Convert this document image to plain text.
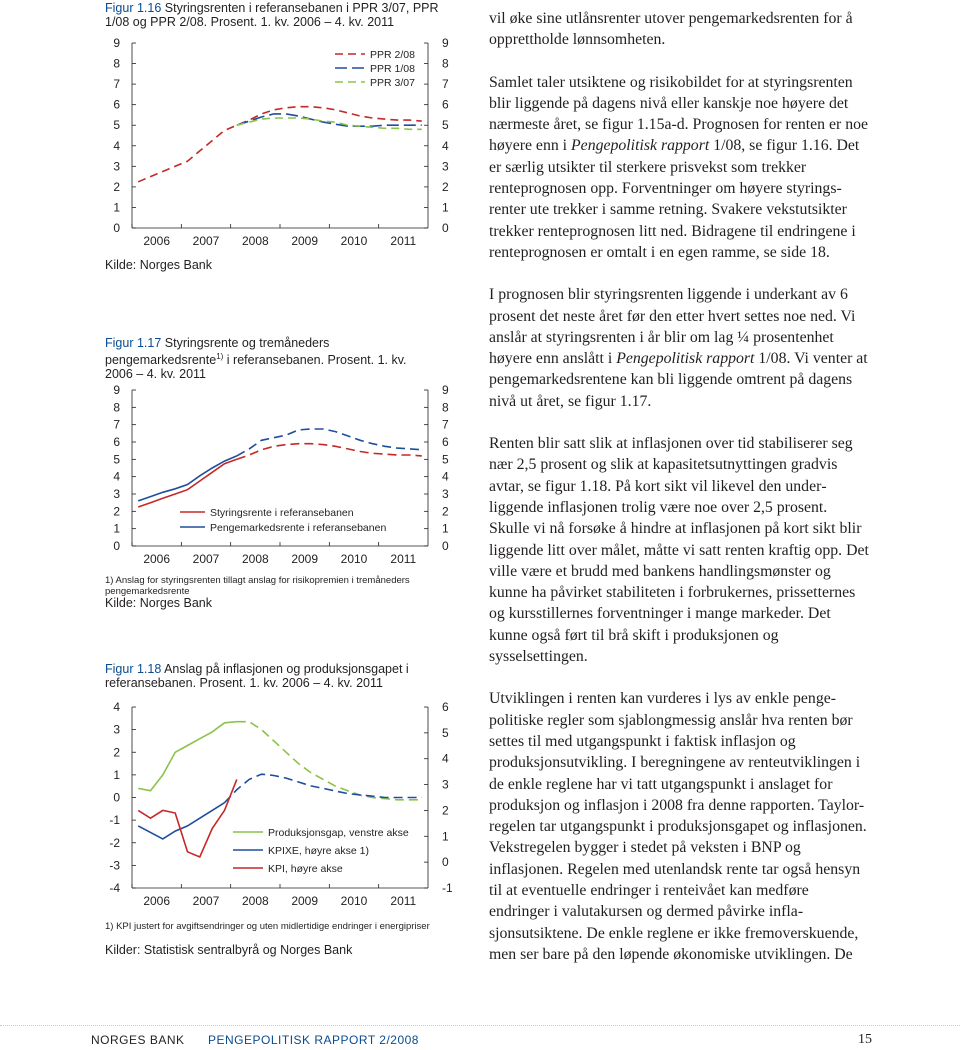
Figur 1.16 Styringsrenten i referansebanen i PPR 3/07, PPR 1/08 og PPR 2/08. Prosent. 1. kv. 2006 – 4. kv. 2011
0
1
2
3
4
5
6
7
8
9
0
1
2
3
4
5
6
7
8
9
2006 2007 2008 2009 2010 2011
PPR 2/08
PPR 1/08
PPR 3/07
Kilde: Norges Bank
Figur 1.17 Styringsrente og tremåneders pengemarkedsrente$^{1)}$ i referansebanen. Prosent. 1. kv. 2006 – 4. kv. 2011
0
1
2
3
4
5
6
7
8
9
0
1
2
3
4
5
6
7
8
9
2006 2007 2008 2009 2010 2011
Styringsrente i referansebanen
Pengemarkedsrente i referansebanen
1) Anslag for styringsrenten tillagt anslag for risikopremien i tremåneders pengemarkedsrente
Kilde: Norges Bank
Figur 1.18 Anslag på inflasjonen og produksjonsgapet i referansebanen. Prosent. 1. kv. 2006 – 4. kv. 2011
-4
-3
-2
-1
0
1
2
3
4
-1
0
1
2
3
4
5
6
2006 2007 2008 2009 2010 2011
Produksjonsgap, venstre akse
KPIXE, høyre akse 1)
KPI, høyre akse
1) KPI justert for avgiftsendringer og uten midlertidige endringer i energipriser
Kilder: Statistisk sentralbyrå og Norges Bank

vil øke sine utlånsrenter utover pengemarkedsrenten for å opprettholde lønnsomheten.

Samlet taler utsiktene og risikobildet for at styringsrenten blir liggende på dagens nivå eller kanskje noe høyere det nærmeste året, se figur 1.15a-d. Prognosen for renten er noe høyere enn i Pengepolitisk rapport 1/08, se figur 1.16. Det er særlig utsikter til sterkere prisvekst som trekker renteprognosen opp. Forventninger om høyere styringsrenter ute trekker i samme retning. Svakere vekstutsikter trekker renteprognosen litt ned. Bidragene til endringene i renteprognosen er omtalt i en egen ramme, se side 18.

I prognosen blir styringsrenten liggende i underkant av 6 prosent det neste året før den etter hvert settes noe ned. Vi anslår at styringsrenten i år blir om lag ¼ prosentenhet høyere enn anslått i Pengepolitisk rapport 1/08. Vi venter at pengemarkedsrentene kan bli liggende omtrent på dagens nivå ut året, se figur 1.17.

Renten blir satt slik at inflasjonen over tid stabiliserer seg nær 2,5 prosent og slik at kapasitetsutnyttingen gradvis avtar, se figur 1.18. På kort sikt vil likevel den underliggende inflasjonen trolig være noe over 2,5 prosent. Skulle vi nå forsøke å hindre at inflasjonen på kort sikt blir liggende litt over målet, måtte vi satt renten kraftig opp. Det ville være et brudd med bankens handlingsmønster og kunne ha påvirket stabiliteten i forbrukernes, prissetternes og kursstillernes forventninger i mange markeder. Det kunne også ført til brå skift i produksjonen og sysselsettingen.

Utviklingen i renten kan vurderes i lys av enkle pengepolitiske regler som sjablongmessig anslår hva renten bør settes til med utgangspunkt i faktisk inflasjon og produksjonsutvikling. I beregningene av renteutviklingen i de enkle reglene har vi tatt utgangspunkt i anslaget for produksjon og inflasjon i 2008 fra denne rapporten. Taylor-regelen tar utgangspunkt i produksjonsgapet og inflasjonen. Vekstregelen bygger i stedet på veksten i BNP og inflasjonen. Regelen med utenlandsk rente tar også hensyn til at eventuelle endringer i renteivået kan medføre endringer i valutakursen og dermed påvirke inflasjonsutsiktene. De enkle reglene er ikke fremoverskuende, men ser bare på den løpende økonomiske utviklingen. De

NORGES BANK PENGEPOLITISK RAPPORT 2/2008	15
